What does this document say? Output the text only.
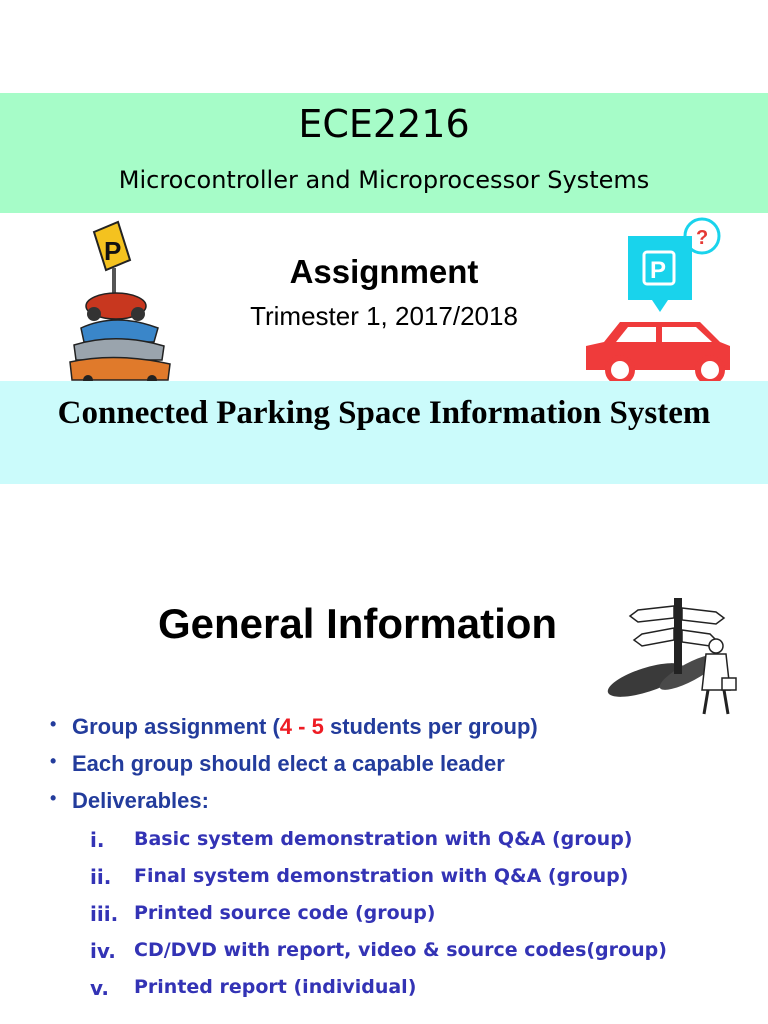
ECE2216
Microcontroller and Microprocessor Systems
P
Assignment
Trimester 1, 2017/2018
?
P
Connected Parking Space Information System
General Information
• Group assignment (4 - 5 students per group)
• Each group should elect a capable leader
• Deliverables:
i.	Basic system demonstration with Q&A (group)
ii.	Final system demonstration with Q&A (group)
iii. Printed source code (group)
iv. CD/DVD with report, video & source codes(group)
v.	Printed report (individual)
